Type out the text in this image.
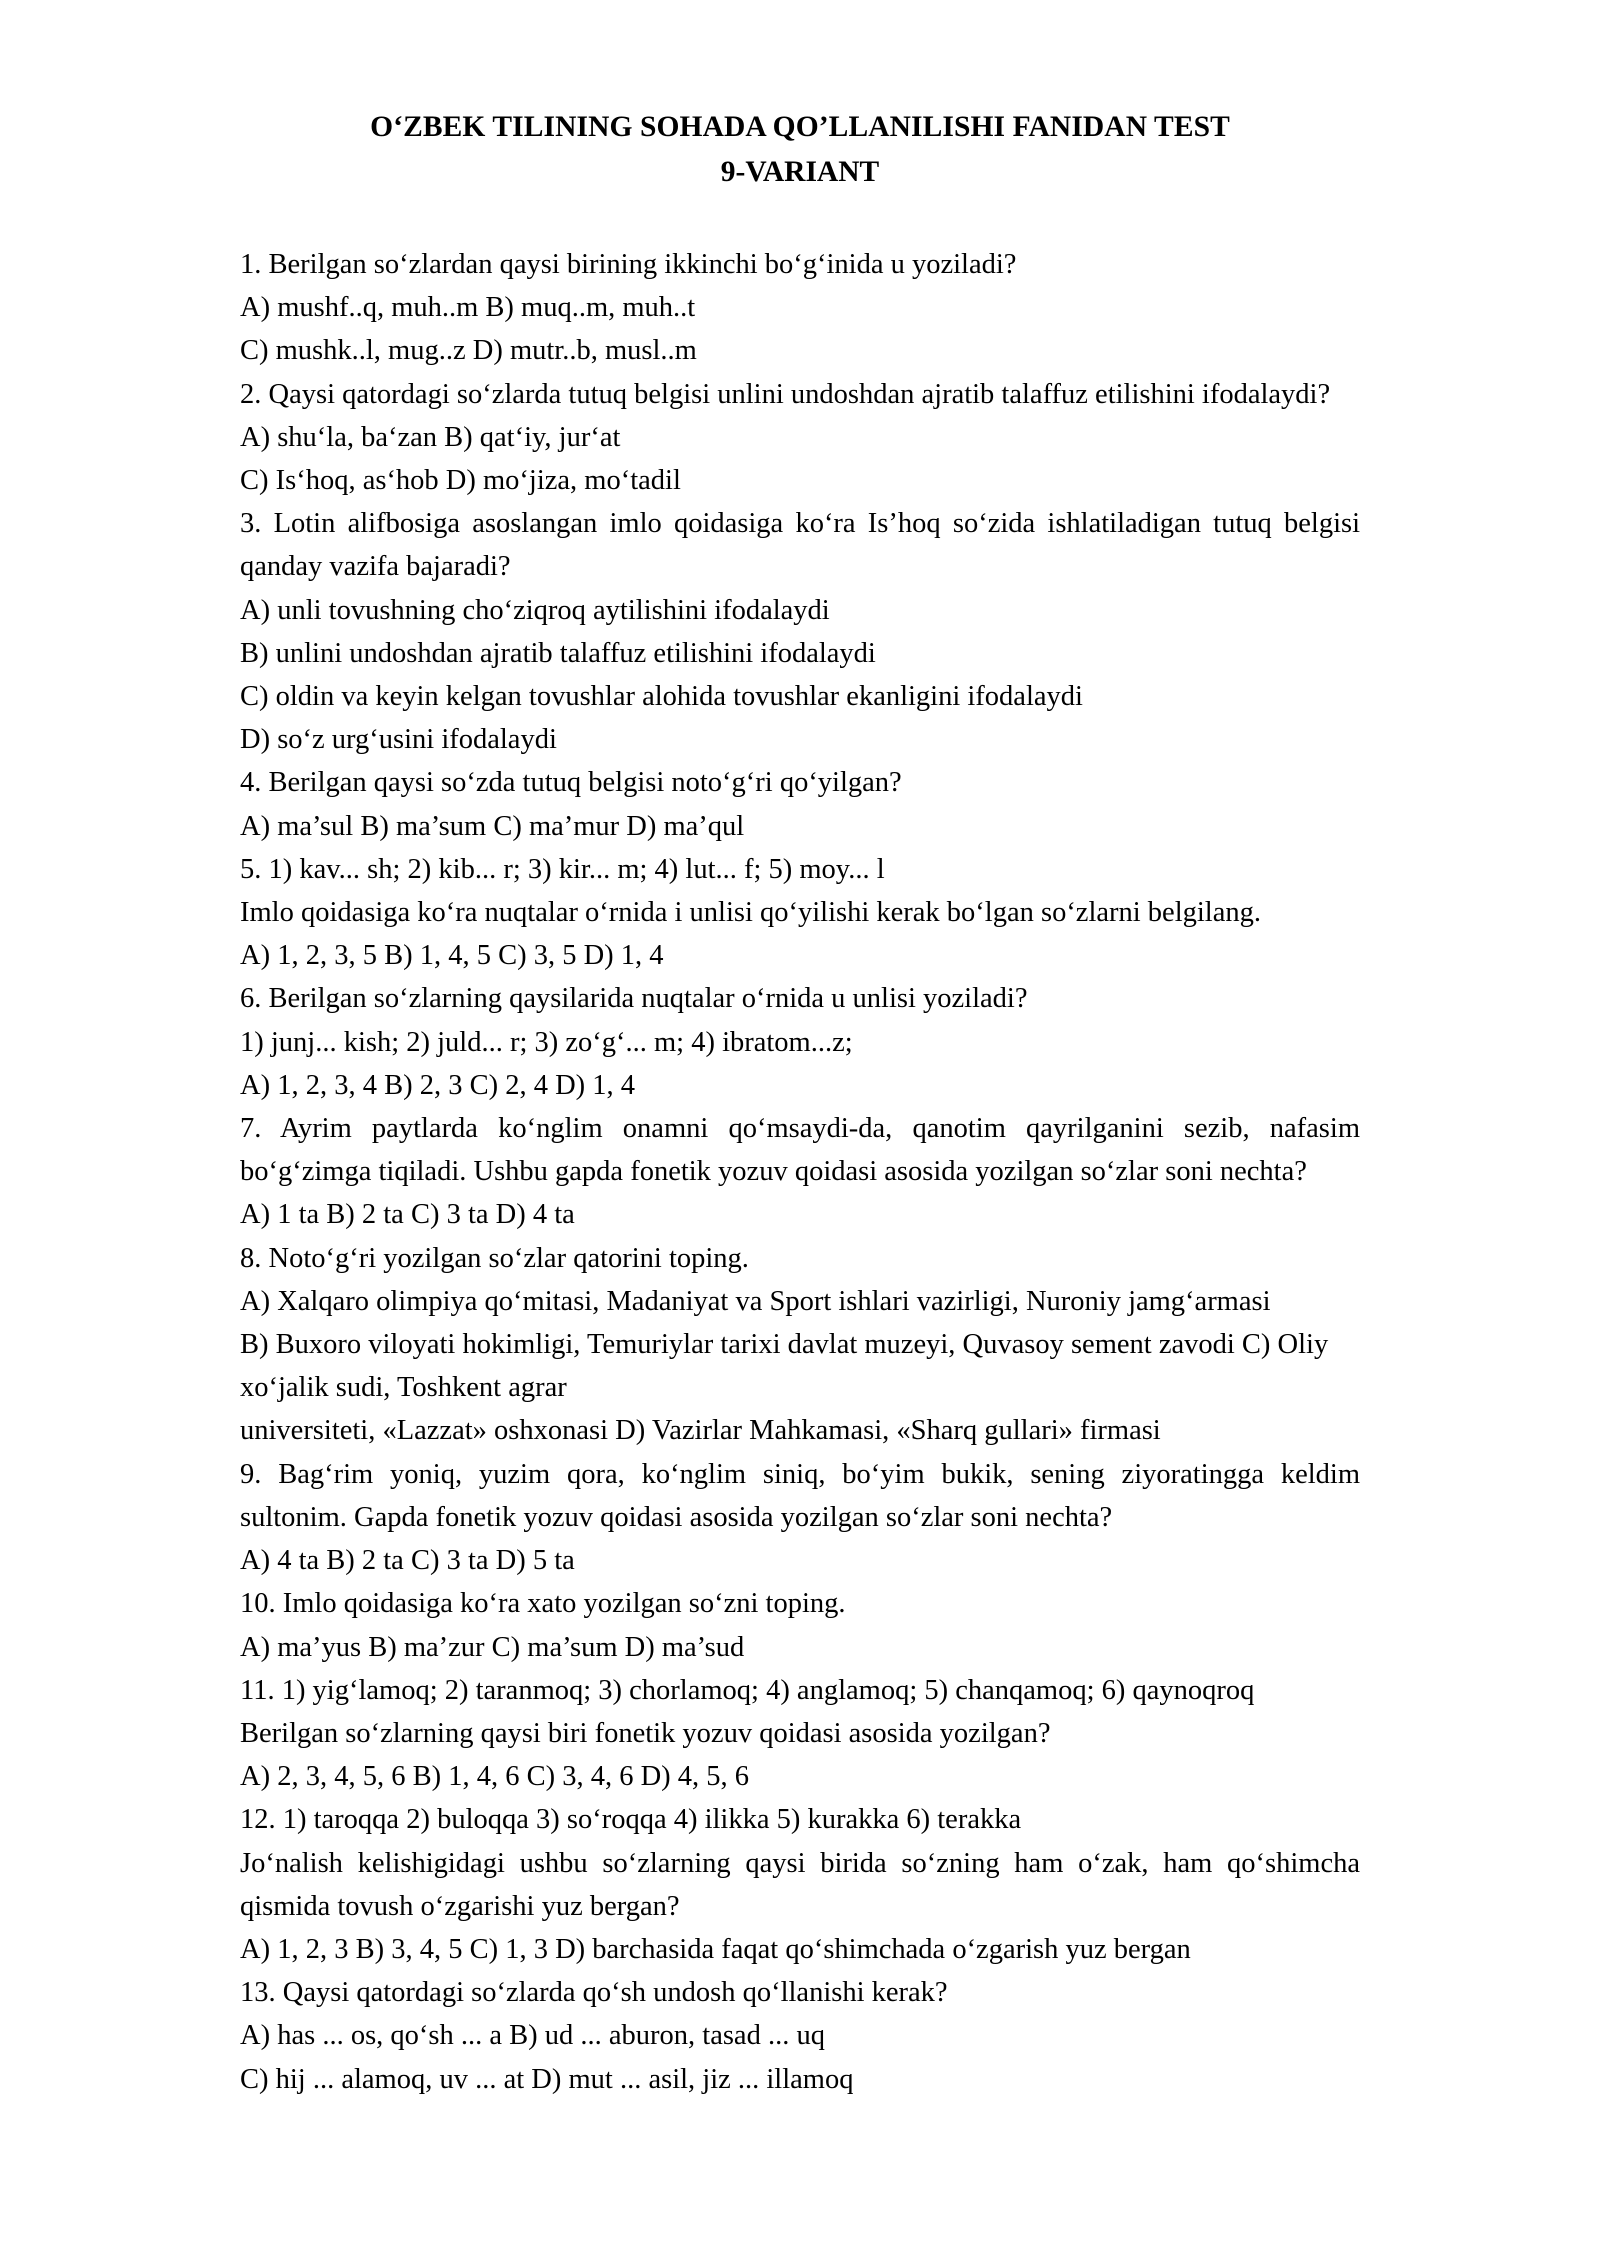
O‘ZBEK TILINING SOHADA QO’LLANILISHI FANIDAN TEST
9-VARIANT

1. Berilgan so‘zlardan qaysi birining ikkinchi bo‘g‘inida u yoziladi?

A) mushf..q, muh..m B) muq..m, muh..t

C) mushk..l, mug..z D) mutr..b, musl..m

2. Qaysi qatordagi so‘zlarda tutuq belgisi unlini undoshdan ajratib talaffuz etilishini ifodalaydi?

A) shu‘la, ba‘zan B) qat‘iy, jur‘at

C) Is‘hoq, as‘hob D) mo‘jiza, mo‘tadil

3. Lotin alifbosiga asoslangan imlo qoidasiga ko‘ra Is’hoq so‘zida ishlatiladigan tutuq belgisi

qanday vazifa bajaradi?

A) unli tovushning cho‘ziqroq aytilishini ifodalaydi

B) unlini undoshdan ajratib talaffuz etilishini ifodalaydi

C) oldin va keyin kelgan tovushlar alohida tovushlar ekanligini ifodalaydi

D) so‘z urg‘usini ifodalaydi

4. Berilgan qaysi so‘zda tutuq belgisi noto‘g‘ri qo‘yilgan?

A) ma’sul B) ma’sum C) ma’mur D) ma’qul

5. 1) kav... sh; 2) kib... r; 3) kir... m; 4) lut... f; 5) moy... l

Imlo qoidasiga ko‘ra nuqtalar o‘rnida i unlisi qo‘yilishi kerak bo‘lgan so‘zlarni belgilang.

A) 1, 2, 3, 5 B) 1, 4, 5 C) 3, 5 D) 1, 4

6. Berilgan so‘zlarning qaysilarida nuqtalar o‘rnida u unlisi yoziladi?

1) junj... kish; 2) juld... r; 3) zo‘g‘... m; 4) ibratom...z;

A) 1, 2, 3, 4 B) 2, 3 C) 2, 4 D) 1, 4

7. Ayrim paytlarda ko‘nglim onamni qo‘msaydi-da, qanotim qayrilganini sezib, nafasim

bo‘g‘zimga tiqiladi. Ushbu gapda fonetik yozuv qoidasi asosida yozilgan so‘zlar soni nechta?

A) 1 ta B) 2 ta C) 3 ta D) 4 ta

8. Noto‘g‘ri yozilgan so‘zlar qatorini toping.

A) Xalqaro olimpiya qo‘mitasi, Madaniyat va Sport ishlari vazirligi, Nuroniy jamg‘armasi

B) Buxoro viloyati hokimligi, Temuriylar tarixi davlat muzeyi, Quvasoy sement zavodi C) Oliy

xo‘jalik sudi, Toshkent agrar

universiteti, «Lazzat» oshxonasi D) Vazirlar Mahkamasi, «Sharq gullari» firmasi

9. Bag‘rim yoniq, yuzim qora, ko‘nglim siniq, bo‘yim bukik, sening ziyoratingga keldim

sultonim. Gapda fonetik yozuv qoidasi asosida yozilgan so‘zlar soni nechta?

A) 4 ta B) 2 ta C) 3 ta D) 5 ta

10. Imlo qoidasiga ko‘ra xato yozilgan so‘zni toping.

A) ma’yus B) ma’zur C) ma’sum D) ma’sud

11. 1) yig‘lamoq; 2) taranmoq; 3) chorlamoq; 4) anglamoq; 5) chanqamoq; 6) qaynoqroq

Berilgan so‘zlarning qaysi biri fonetik yozuv qoidasi asosida yozilgan?

A) 2, 3, 4, 5, 6 B) 1, 4, 6 C) 3, 4, 6 D) 4, 5, 6

12. 1) taroqqa 2) buloqqa 3) so‘roqqa 4) ilikka 5) kurakka 6) terakka

Jo‘nalish kelishigidagi ushbu so‘zlarning qaysi birida so‘zning ham o‘zak, ham qo‘shimcha

qismida tovush o‘zgarishi yuz bergan?

A) 1, 2, 3 B) 3, 4, 5 C) 1, 3 D) barchasida faqat qo‘shimchada o‘zgarish yuz bergan

13. Qaysi qatordagi so‘zlarda qo‘sh undosh qo‘llanishi kerak?

A) has ... os, qo‘sh ... a B) ud ... aburon, tasad ... uq

C) hij ... alamoq, uv ... at D) mut ... asil, jiz ... illamoq
